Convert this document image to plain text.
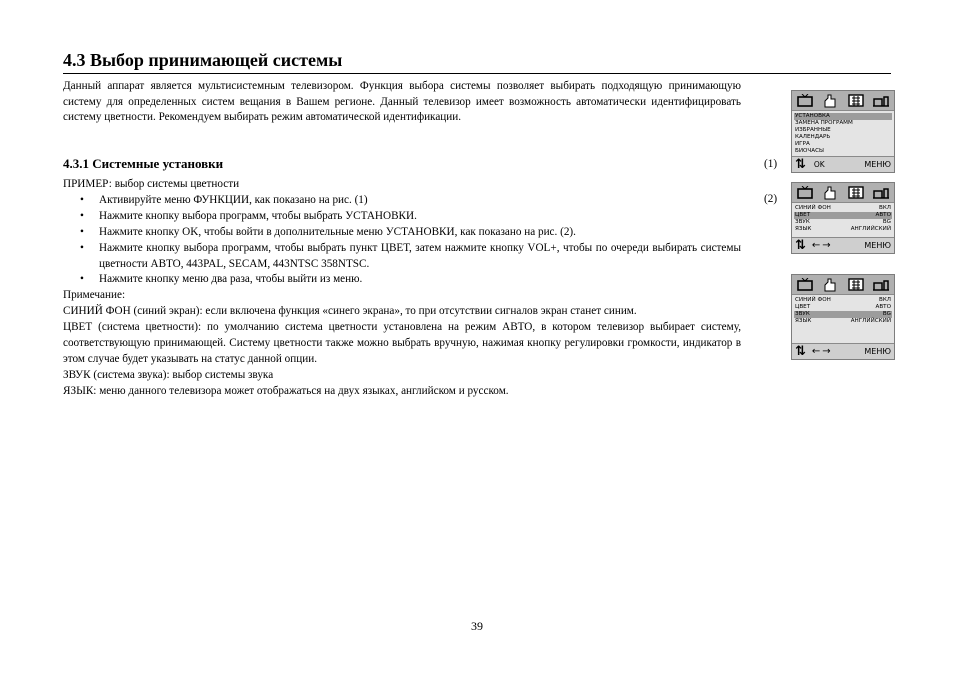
4.3 Выбор принимающей системы

Данный аппарат является мультисистемным телевизором. Функция выбора системы позволяет выбирать подходящую принимающую систему для определенных систем вещания в Вашем регионе. Данный телевизор имеет возможность автоматически идентифицировать систему цветности. Рекомендуем выбирать режим автоматической идентификации.

4.3.1 Системные установки	(1)
(2)

ПРИМЕР: выбор системы цветности

• Активируйте меню ФУНКЦИИ, как показано на рис. (1)
• Нажмите кнопку выбора программ, чтобы выбрать УСТАНОВКИ.
• Нажмите кнопку OK, чтобы войти в дополнительные меню УСТАНОВКИ, как показано на рис. (2).
• Нажмите кнопку выбора программ, чтобы выбрать пункт ЦВЕТ, затем нажмите кнопку VOL+, чтобы по очереди выбирать системы цветности АВТО, 443PAL, SECAM, 443NTSC 358NTSC.
• Нажмите кнопку меню два раза, чтобы выйти из меню.

Примечание:

СИНИЙ ФОН (синий экран): если включена функция «синего экрана», то при отсутствии сигналов экран станет синим.

ЦВЕТ (система цветности): по умолчанию система цветности установлена на режим АВТО, в котором телевизор выбирает систему, соответствующую принимающей. Систему цветности также можно выбрать вручную, нажимая кнопку регулировки громкости, индикатор в этом случае будет указывать на статус данной опции.

ЗВУК (система звука): выбор системы звука

ЯЗЫК: меню данного телевизора может отображаться на двух языках, английском и русском.

УСТАНОВКА
ЗАМЕНА ПРОГРАММ
ИЗБРАННЫЕ
КАЛЕНДАРЬ
ИГРА
БИОЧАСЫ
⇅ OK	МЕНЮ
СИНИЙ ФОН	ВКЛ
ЦВЕТ	АВТО
ЗВУК	BG
ЯЗЫК	АНГЛИЙСКИЙ
⇅ ←→	МЕНЮ
СИНИЙ ФОН	ВКЛ
ЦВЕТ	АВТО
ЗВУК	BG
ЯЗЫК	АНГЛИЙСКИЙ
⇅ ←→	МЕНЮ
39
